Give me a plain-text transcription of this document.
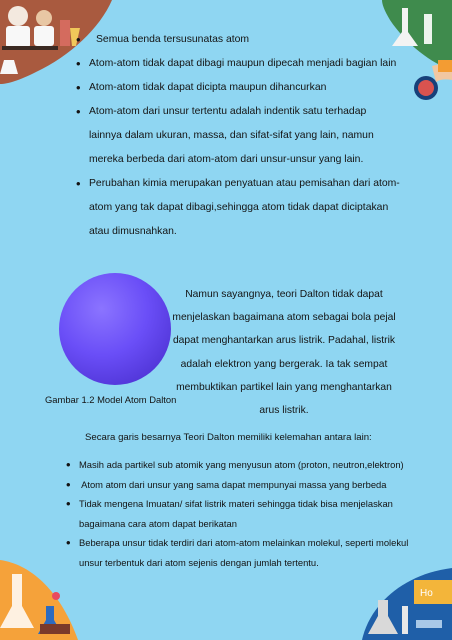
Ho
• Semua benda tersusunatas atom
• Atom-atom tidak dapat dibagi maupun dipecah menjadi bagian lain
• Atom-atom tidak dapat dicipta maupun dihancurkan
• Atom-atom dari unsur tertentu adalah indentik satu terhadap lainnya dalam ukuran, massa, dan sifat-sifat yang lain, namun mereka berbeda dari atom-atom dari unsur-unsur yang lain.
• Perubahan kimia merupakan penyatuan atau pemisahan dari atom-atom yang tak dapat dibagi,sehingga atom tidak dapat diciptakan atau dimusnahkan.
Gambar 1.2 Model Atom Dalton
Namun sayangnya, teori Dalton tidak dapat menjelaskan bagaimana atom sebagai bola pejal dapat menghantarkan arus listrik. Padahal, listrik adalah elektron yang bergerak. Ia tak sempat membuktikan partikel lain yang menghantarkan arus listrik.
Secara garis besarnya Teori Dalton memiliki kelemahan antara lain:
• Masih ada partikel sub atomik yang menyusun atom (proton, neutron,elektron)
•  Atom atom dari unsur yang sama dapat mempunyai massa yang berbeda
• Tidak mengena Imuatan/ sifat listrik materi sehingga tidak bisa menjelaskan bagaimana cara atom dapat berikatan
• Beberapa unsur tidak terdiri dari atom-atom melainkan molekul, seperti molekul unsur terbentuk dari atom sejenis dengan jumlah tertentu.
